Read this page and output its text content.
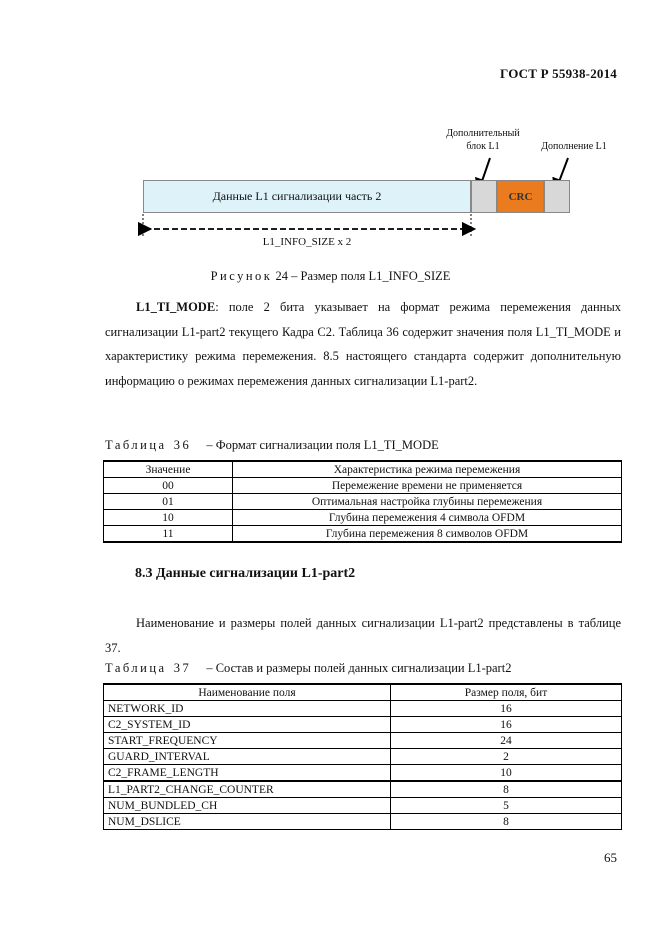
ГОСТ Р 55938-2014
Дополнительный
блок L1	Дополнение L1
Данные L1 сигнализации часть 2	CRC
L1_INFO_SIZE x 2
Рисунок 24 – Размер поля L1_INFO_SIZE
L1_TI_MODE: поле 2 бита указывает на формат режима перемежения данных сигнализации L1-part2 текущего Кадра C2. Таблица 36 содержит значения поля L1_TI_MODE и характеристику режима перемежения. 8.5 настоящего стандарта содержит дополнительную информацию о режимах перемежения данных сигнализации L1-part2.
Таблица 36 – Формат сигнализации поля L1_TI_MODE
Значение	Характеристика режима перемежения
00	Перемежение времени не применяется
01	Оптимальная настройка глубины перемежения
10	Глубина перемежения 4 символа OFDM
11	Глубина перемежения 8 символов OFDM
8.3 Данные сигнализации L1-part2
Наименование и размеры полей данных сигнализации L1-part2 представлены в таблице 37.
Таблица 37 – Состав и размеры полей данных сигнализации L1-part2
Наименование поля	Размер поля, бит
NETWORK_ID	16
C2_SYSTEM_ID	16
START_FREQUENCY	24
GUARD_INTERVAL	2
C2_FRAME_LENGTH	10
L1_PART2_CHANGE_COUNTER	8
NUM_BUNDLED_CH	5
NUM_DSLICE	8
65
